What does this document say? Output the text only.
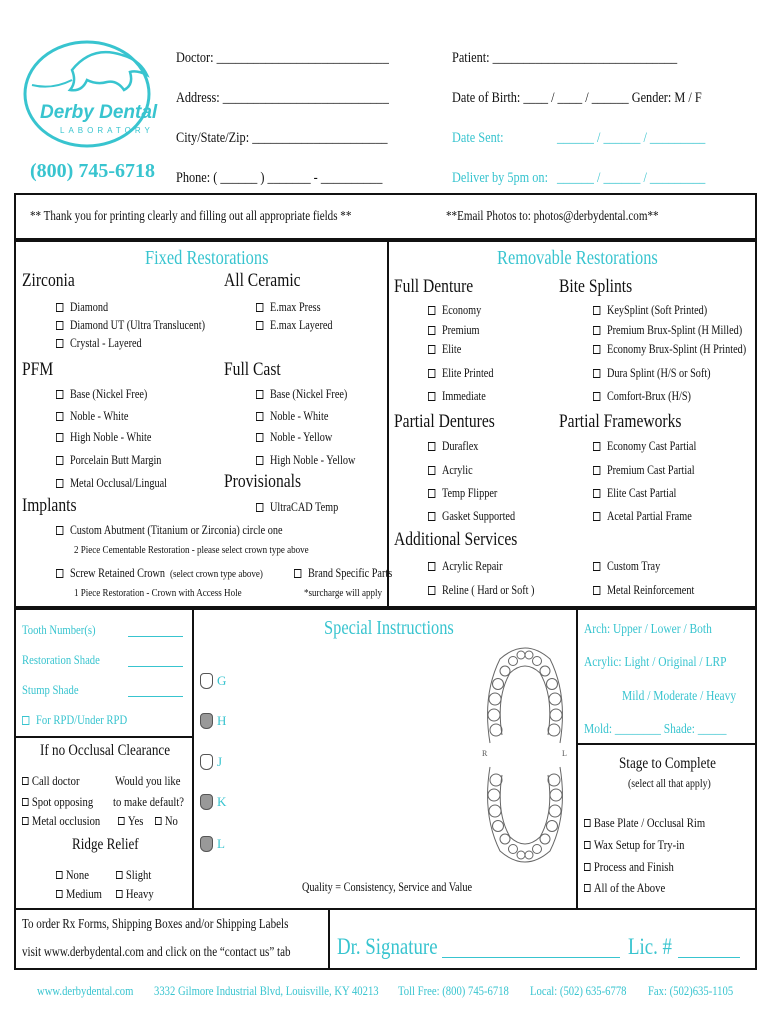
Derby Dental
LABORATORY
(800) 745-6718
Doctor: ____________________________
Address: ___________________________
City/State/Zip: ______________________
Phone: ( ______ ) _______ - __________
Patient: ______________________________
Date of Birth: ____ / ____ / ______ Gender: M / F
Date Sent:	______ / ______ / _________
Deliver by 5pm on: ______ / ______ / _________
** Thank you for printing clearly and filling out all appropriate fields **	**Email Photos to: photos@derbydental.com**
Fixed Restorations
Zirconia
Diamond
Diamond UT (Ultra Translucent)
Crystal - Layered
All Ceramic
E.max Press
E.max Layered
PFM
Base (Nickel Free)
Noble - White
High Noble - White
Porcelain Butt Margin
Metal Occlusal/Lingual
Full Cast
Base (Nickel Free)
Noble - White
Noble - Yellow
High Noble - Yellow
Provisionals
UltraCAD Temp
Implants
Custom Abutment (Titanium or Zirconia) circle one
2 Piece Cementable Restoration - please select crown type above
Screw Retained Crown (select crown type above)
1 Piece Restoration - Crown with Access Hole
Brand Specific Parts
*surcharge will apply
Removable Restorations
Full Denture
Economy
Premium
Elite
Elite Printed
Immediate
Bite Splints
KeySplint (Soft Printed)
Premium Brux-Splint (H Milled)
Economy Brux-Splint (H Printed)
Dura Splint (H/S or Soft)
Comfort-Brux (H/S)
Partial Dentures
Duraflex
Acrylic
Temp Flipper
Gasket Supported
Partial Frameworks
Economy Cast Partial
Premium Cast Partial
Elite Cast Partial
Acetal Partial Frame
Additional Services
Acrylic Repair
Reline ( Hard or Soft )
Custom Tray
Metal Reinforcement
Tooth Number(s)
Restoration Shade
Stump Shade
For RPD/Under RPD
If no Occlusal Clearance
Call doctor
Spot opposing
Metal occlusion
Would you like
to make default?
Yes No
Ridge Relief
None	Slight
Medium Heavy
Special Instructions
G
H
J
K
L
R	L
Quality = Consistency, Service and Value
Arch: Upper / Lower / Both
Acrylic: Light / Original / LRP
Mild / Moderate / Heavy
Mold: ________ Shade: _____
Stage to Complete
(select all that apply)
Base Plate / Occlusal Rim
Wax Setup for Try-in
Process and Finish
All of the Above
To order Rx Forms, Shipping Boxes and/or Shipping Labels
visit www.derbydental.com and click on the “contact us” tab Dr. Signature	Lic. #
www.derbydental.com 3332 Gilmore Industrial Blvd, Louisville, KY 40213 Toll Free: (800) 745-6718 Local: (502) 635-6778 Fax: (502)635-1105
